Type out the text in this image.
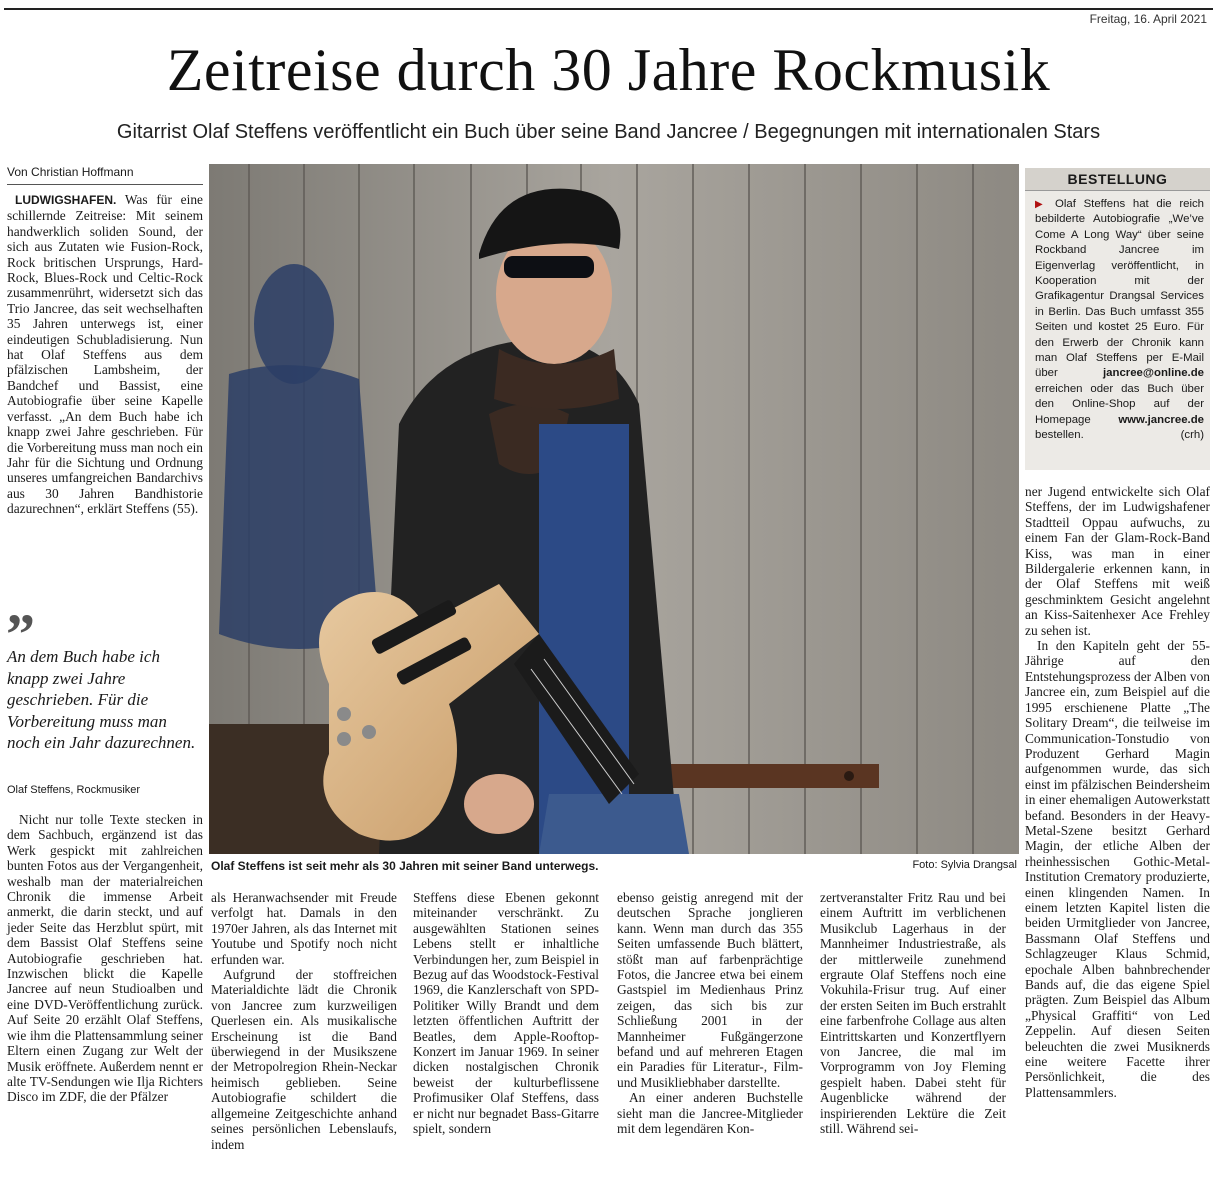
Freitag, 16. April 2021
Zeitreise durch 30 Jahre Rockmusik
Gitarrist Olaf Steffens veröffentlicht ein Buch über seine Band Jancree / Begegnungen mit internationalen Stars
Von Christian Hoffmann

LUDWIGSHAFEN. Was für eine schillernde Zeitreise: Mit seinem handwerklich soliden Sound, der sich aus Zutaten wie Fusion-Rock, Rock britischen Ursprungs, Hard-Rock, Blues-Rock und Celtic-Rock zusammenrührt, widersetzt sich das Trio Jancree, das seit wechselhaften 35 Jahren unterwegs ist, einer eindeutigen Schubladisierung. Nun hat Olaf Steffens aus dem pfälzischen Lambsheim, der Bandchef und Bassist, eine Autobiografie über seine Kapelle verfasst. „An dem Buch habe ich knapp zwei Jahre geschrieben. Für die Vorbereitung muss man noch ein Jahr für die Sichtung und Ordnung unseres umfangreichen Bandarchivs aus 30 Jahren Bandhistorie dazurechnen“, erklärt Steffens (55).

”
An dem Buch habe ich knapp zwei Jahre geschrieben. Für die Vorbereitung muss man noch ein Jahr dazurechnen.
Olaf Steffens, Rockmusiker

Nicht nur tolle Texte stecken in dem Sachbuch, ergänzend ist das Werk gespickt mit zahlreichen bunten Fotos aus der Vergangenheit, weshalb man der materialreichen Chronik die immense Arbeit anmerkt, die darin steckt, und auf jeder Seite das Herzblut spürt, mit dem Bassist Olaf Steffens seine Autobiografie geschrieben hat. Inzwischen blickt die Kapelle Jancree auf neun Studioalben und eine DVD-Veröffentlichung zurück. Auf Seite 20 erzählt Olaf Steffens, wie ihm die Plattensammlung seiner Eltern einen Zugang zur Welt der Musik eröffnete. Außerdem nennt er alte TV-Sendungen wie Ilja Richters Disco im ZDF, die der Pfälzer

Olaf Steffens ist seit mehr als 30 Jahren mit seiner Band unterwegs.	Foto: Sylvia Drangsal

als Heranwachsender mit Freude verfolgt hat. Damals in den 1970er Jahren, als das Internet mit Youtube und Spotify noch nicht erfunden war.

Aufgrund der stoffreichen Materialdichte lädt die Chronik von Jancree zum kurzweiligen Querlesen ein. Als musikalische Erscheinung ist die Band überwiegend in der Musikszene der Metropolregion Rhein-Neckar heimisch geblieben. Seine Autobiografie schildert die allgemeine Zeitgeschichte anhand seines persönlichen Lebenslaufs, indem

Steffens diese Ebenen gekonnt miteinander verschränkt. Zu ausgewählten Stationen seines Lebens stellt er inhaltliche Verbindungen her, zum Beispiel in Bezug auf das Woodstock-Festival 1969, die Kanzlerschaft von SPD-Politiker Willy Brandt und dem letzten öffentlichen Auftritt der Beatles, dem Apple-Rooftop-Konzert im Januar 1969. In seiner dicken nostalgischen Chronik beweist der kulturbeflissene Profimusiker Olaf Steffens, dass er nicht nur begnadet Bass-Gitarre spielt, sondern

ebenso geistig anregend mit der deutschen Sprache jonglieren kann. Wenn man durch das 355 Seiten umfassende Buch blättert, stößt man auf farbenprächtige Fotos, die Jancree etwa bei einem Gastspiel im Medienhaus Prinz zeigen, das sich bis zur Schließung 2001 in der Mannheimer Fußgängerzone befand und auf mehreren Etagen ein Paradies für Literatur-, Film- und Musikliebhaber darstellte.

An einer anderen Buchstelle sieht man die Jancree-Mitglieder mit dem legendären Kon-

zertveranstalter Fritz Rau und bei einem Auftritt im verblichenen Musikclub Lagerhaus in der Mannheimer Industriestraße, als der mittlerweile zunehmend ergraute Olaf Steffens noch eine Vokuhila-Frisur trug. Auf einer der ersten Seiten im Buch erstrahlt eine farbenfrohe Collage aus alten Eintrittskarten und Konzertflyern von Jancree, die mal im Vorprogramm von Joy Fleming gespielt haben. Dabei steht für Augenblicke während der inspirierenden Lektüre die Zeit still. Während sei-

BESTELLUNG
▶ Olaf Steffens hat die reich bebilderte Autobiografie „We’ve Come A Long Way“ über seine Rockband Jancree im Eigenverlag veröffentlicht, in Kooperation mit der Grafikagentur Drangsal Services in Berlin. Das Buch umfasst 355 Seiten und kostet 25 Euro. Für den Erwerb der Chronik kann man Olaf Steffens per E-Mail über jancree@online.de erreichen oder das Buch über den Online-Shop auf der Homepage www.jancree.de bestellen.	(crh)

ner Jugend entwickelte sich Olaf Steffens, der im Ludwigshafener Stadtteil Oppau aufwuchs, zu einem Fan der Glam-Rock-Band Kiss, was man in einer Bildergalerie erkennen kann, in der Olaf Steffens mit weiß geschminktem Gesicht angelehnt an Kiss-Saitenhexer Ace Frehley zu sehen ist.

In den Kapiteln geht der 55-Jährige auf den Entstehungsprozess der Alben von Jancree ein, zum Beispiel auf die 1995 erschienene Platte „The Solitary Dream“, die teilweise im Communication-Tonstudio von Produzent Gerhard Magin aufgenommen wurde, das sich einst im pfälzischen Beindersheim in einer ehemaligen Autowerkstatt befand. Besonders in der Heavy-Metal-Szene besitzt Gerhard Magin, der etliche Alben der rheinhessischen Gothic-Metal-Institution Crematory produzierte, einen klingenden Namen. In einem letzten Kapitel listen die beiden Urmitglieder von Jancree, Bassmann Olaf Steffens und Schlagzeuger Klaus Schmid, epochale Alben bahnbrechender Bands auf, die das eigene Spiel prägten. Zum Beispiel das Album „Physical Graffiti“ von Led Zeppelin. Auf diesen Seiten beleuchten die zwei Musiknerds eine weitere Facette ihrer Persönlichkeit, die des Plattensammlers.
